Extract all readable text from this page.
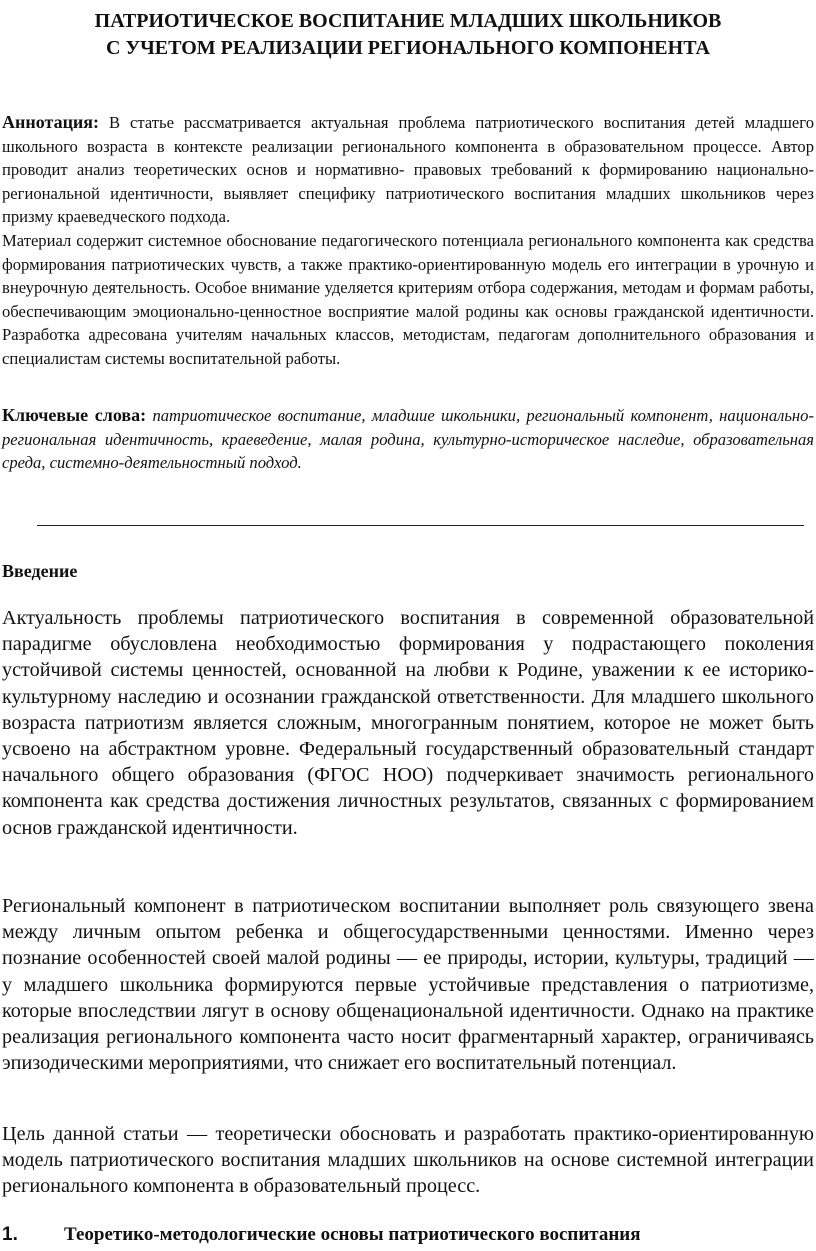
ПАТРИОТИЧЕСКОЕ ВОСПИТАНИЕ МЛАДШИХ ШКОЛЬНИКОВ
С УЧЕТОМ РЕАЛИЗАЦИИ РЕГИОНАЛЬНОГО КОМПОНЕНТА

Аннотация: В статье рассматривается актуальная проблема патриотического воспитания детей младшего школьного возраста в контексте реализации регионального компонента в образовательном процессе. Автор проводит анализ теоретических основ и нормативно- правовых требований к формированию национально-региональной идентичности, выявляет специфику патриотического воспитания младших школьников через призму краеведческого подхода.

Материал содержит системное обоснование педагогического потенциала регионального компонента как средства формирования патриотических чувств, а также практико-ориентированную модель его интеграции в урочную и внеурочную деятельность. Особое внимание уделяется критериям отбора содержания, методам и формам работы, обеспечивающим эмоционально-ценностное восприятие малой родины как основы гражданской идентичности. Разработка адресована учителям начальных классов, методистам, педагогам дополнительного образования и специалистам системы воспитательной работы.

Ключевые слова: патриотическое воспитание, младшие школьники, региональный компонент, национально-региональная идентичность, краеведение, малая родина, культурно-историческое наследие, образовательная среда, системно-деятельностный подход.

Введение

Актуальность проблемы патриотического воспитания в современной образовательной парадигме обусловлена необходимостью формирования у подрастающего поколения устойчивой системы ценностей, основанной на любви к Родине, уважении к ее историко-культурному наследию и осознании гражданской ответственности. Для младшего школьного возраста патриотизм является сложным, многогранным понятием, которое не может быть усвоено на абстрактном уровне. Федеральный государственный образовательный стандарт начального общего образования (ФГОС НОО) подчеркивает значимость регионального компонента как средства достижения личностных результатов, связанных с формированием основ гражданской идентичности.

Региональный компонент в патриотическом воспитании выполняет роль связующего звена между личным опытом ребенка и общегосударственными ценностями. Именно через познание особенностей своей малой родины — ее природы, истории, культуры, традиций — у младшего школьника формируются первые устойчивые представления о патриотизме, которые впоследствии лягут в основу общенациональной идентичности. Однако на практике реализация регионального компонента часто носит фрагментарный характер, ограничиваясь эпизодическими мероприятиями, что снижает его воспитательный потенциал.

Цель данной статьи — теоретически обосновать и разработать практико-ориентированную модель патриотического воспитания младших школьников на основе системной интеграции регионального компонента в образовательный процесс.

1. Теоретико-методологические основы патриотического воспитания
